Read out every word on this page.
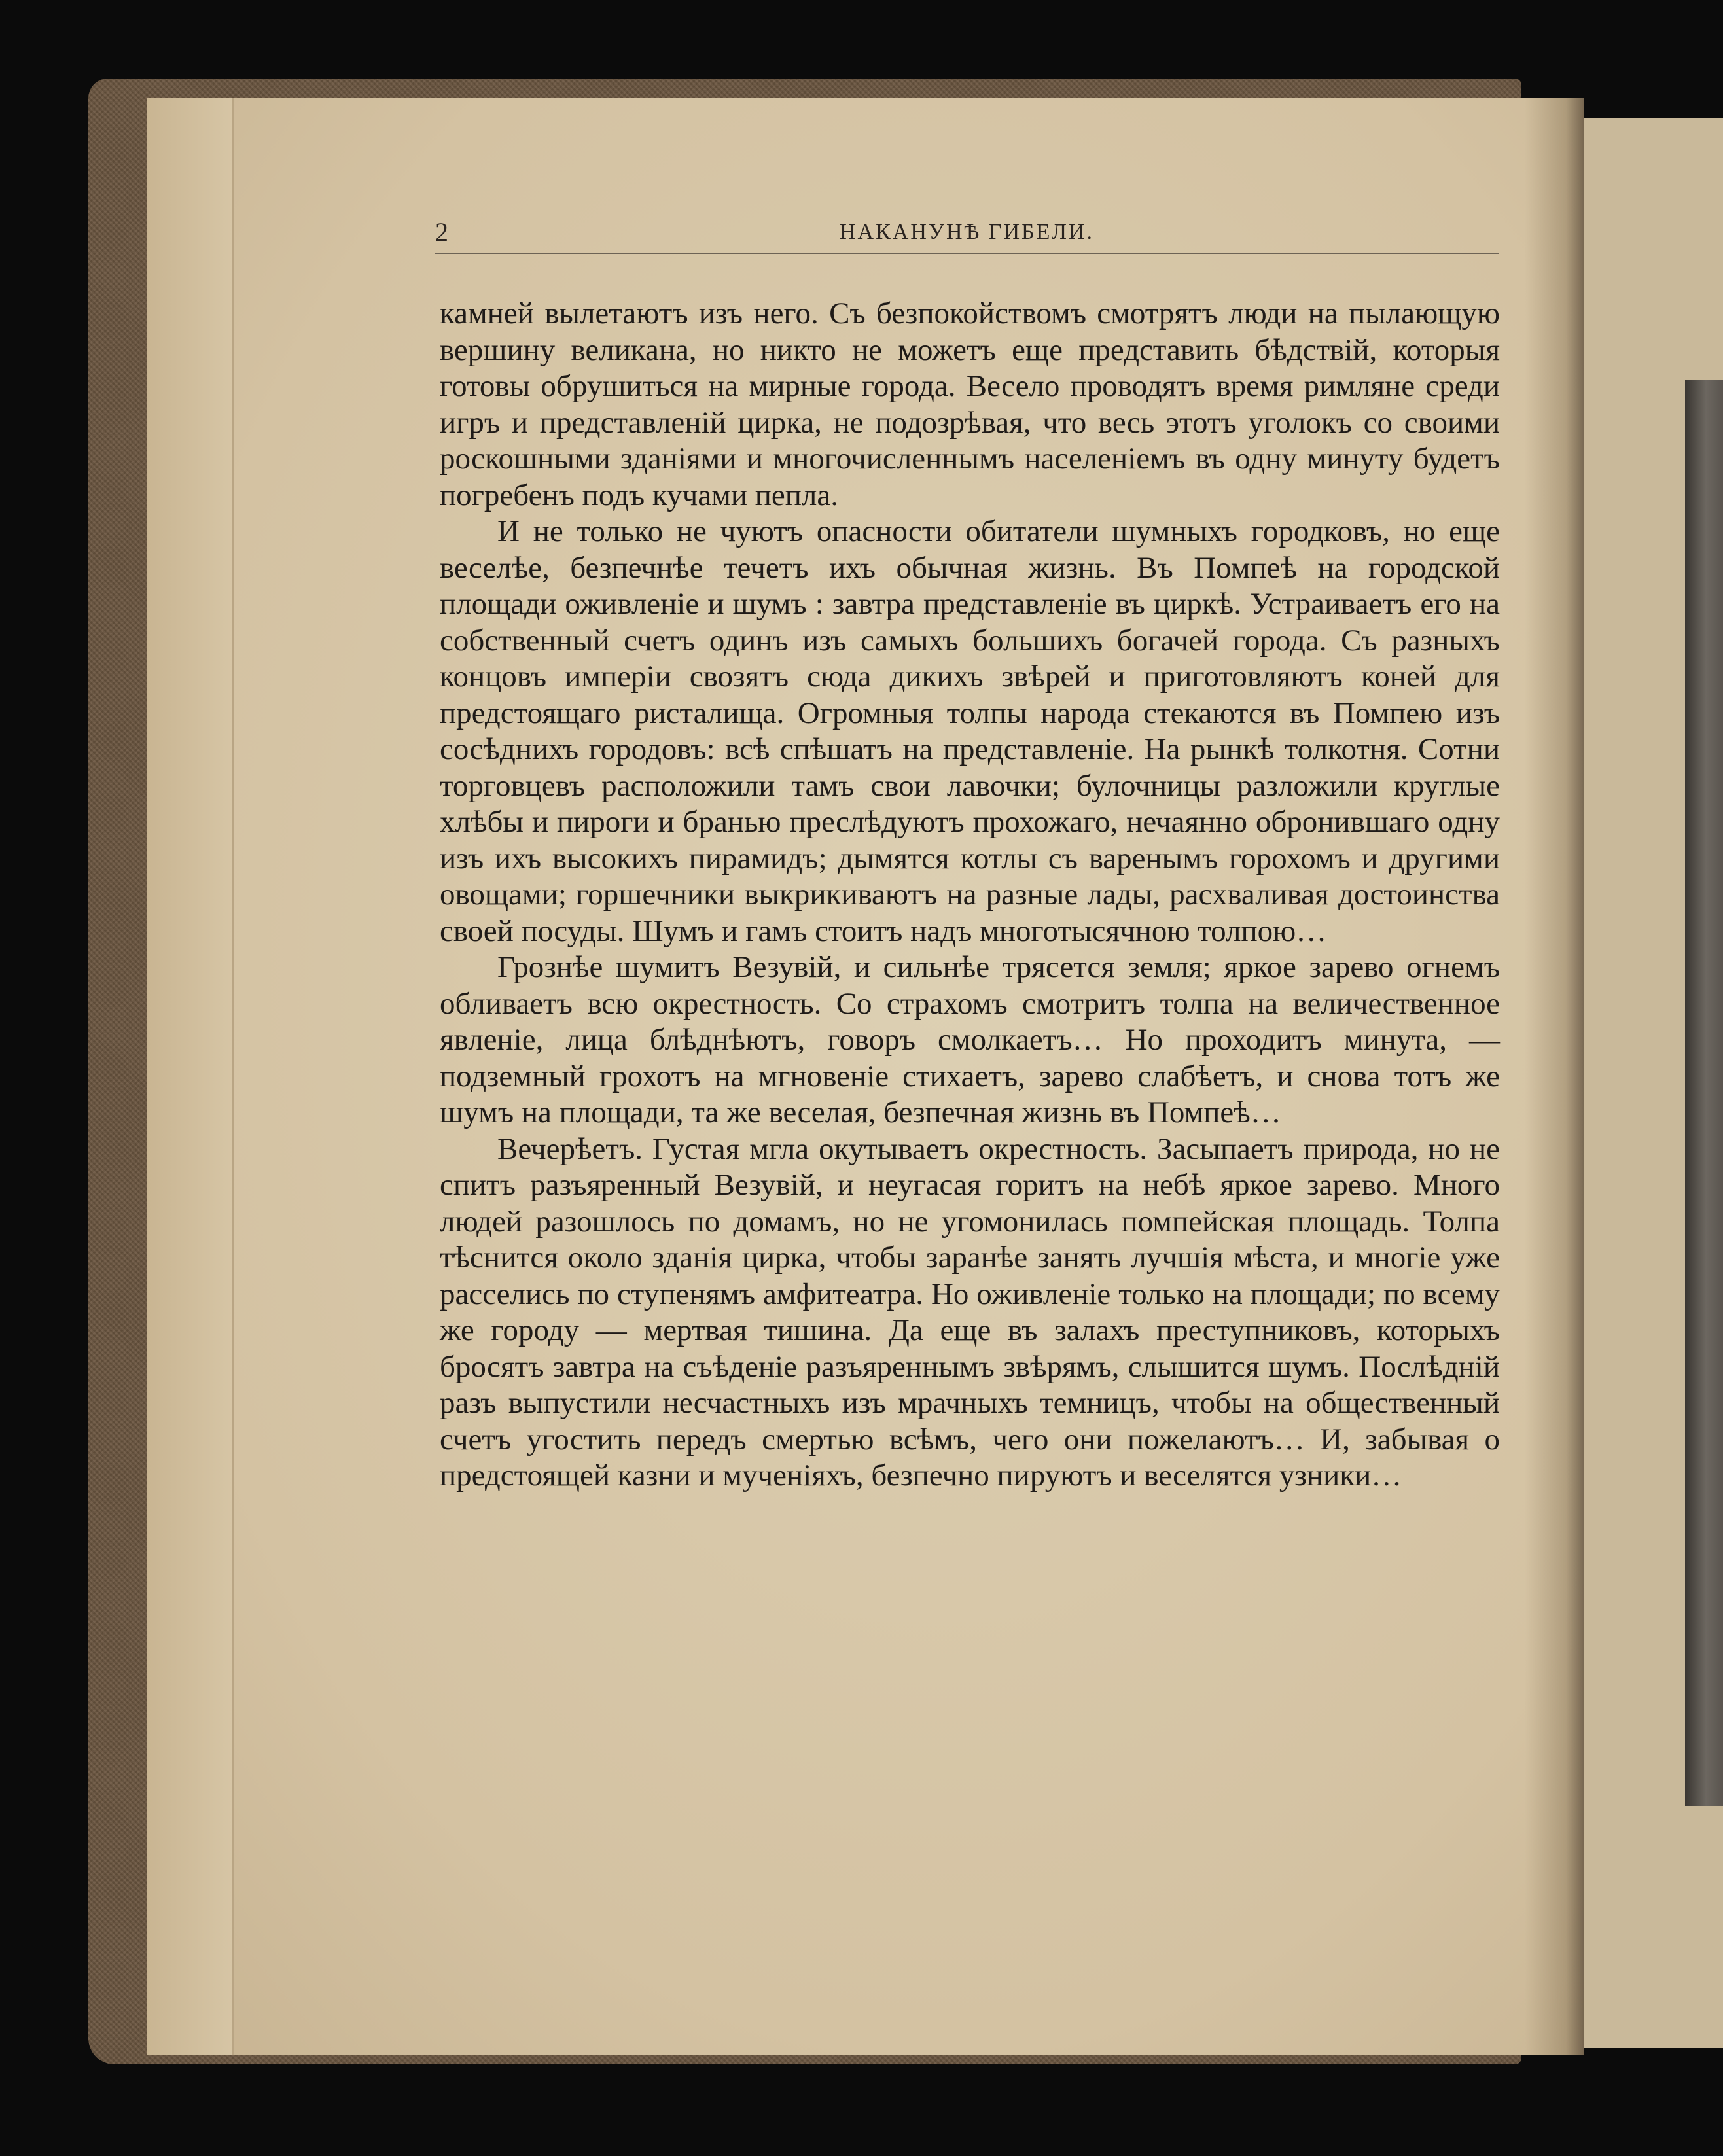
2	НАКАНУНѢ ГИБЕЛИ.

камней вылетаютъ изъ него. Съ безпокойствомъ смотрятъ люди на пылающую вершину великана, но никто не можетъ еще представить бѣдствій, которыя готовы обрушиться на мирные города. Весело проводятъ время римляне среди игръ и представленій цирка, не подозрѣвая, что весь этотъ уголокъ со своими роскошными зданіями и многочисленнымъ населеніемъ въ одну минуту будетъ погребенъ подъ кучами пепла.

И не только не чуютъ опасности обитатели шумныхъ городковъ, но еще веселѣе, безпечнѣе течетъ ихъ обычная жизнь. Въ Помпеѣ на городской площади оживленіе и шумъ : завтра представленіе въ циркѣ. Устраиваетъ его на собственный счетъ одинъ изъ самыхъ большихъ богачей города. Съ разныхъ концовъ имперіи свозятъ сюда дикихъ звѣрей и приготовляютъ коней для предстоящаго ристалища. Огромныя толпы народа стекаются въ Помпею изъ сосѣднихъ городовъ: всѣ спѣшатъ на представленіе. На рынкѣ толкотня. Сотни торговцевъ расположили тамъ свои лавочки; булочницы разложили круглые хлѣбы и пироги и бранью преслѣдуютъ прохожаго, нечаянно обронившаго одну изъ ихъ высокихъ пирамидъ; дымятся котлы съ варенымъ горохомъ и другими овощами; горшечники выкрикиваютъ на разные лады, расхваливая достоинства своей посуды. Шумъ и гамъ стоитъ надъ многотысячною толпою…

Грознѣе шумитъ Везувій, и сильнѣе трясется земля; яркое зарево огнемъ обливаетъ всю окрестность. Со страхомъ смотритъ толпа на величественное явленіе, лица блѣднѣютъ, говоръ смолкаетъ… Но проходитъ минута, — подземный грохотъ на мгновеніе стихаетъ, зарево слабѣетъ, и снова тотъ же шумъ на площади, та же веселая, безпечная жизнь въ Помпеѣ…

Вечерѣетъ. Густая мгла окутываетъ окрестность. Засыпаетъ природа, но не спитъ разъяренный Везувій, и неугасая горитъ на небѣ яркое зарево. Много людей разошлось по домамъ, но не угомонилась помпейская площадь. Толпа тѣснится около зданія цирка, чтобы заранѣе занять лучшія мѣста, и многіе уже расселись по ступенямъ амфитеатра. Но оживленіе только на площади; по всему же городу — мертвая тишина. Да еще въ залахъ преступниковъ, которыхъ бросятъ завтра на съѣденіе разъяреннымъ звѣрямъ, слышится шумъ. Послѣдній разъ выпустили несчастныхъ изъ мрачныхъ темницъ, чтобы на общественный счетъ угостить передъ смертью всѣмъ, чего они пожелаютъ… И, забывая о предстоящей казни и мученіяхъ, безпечно пируютъ и веселятся узники…
